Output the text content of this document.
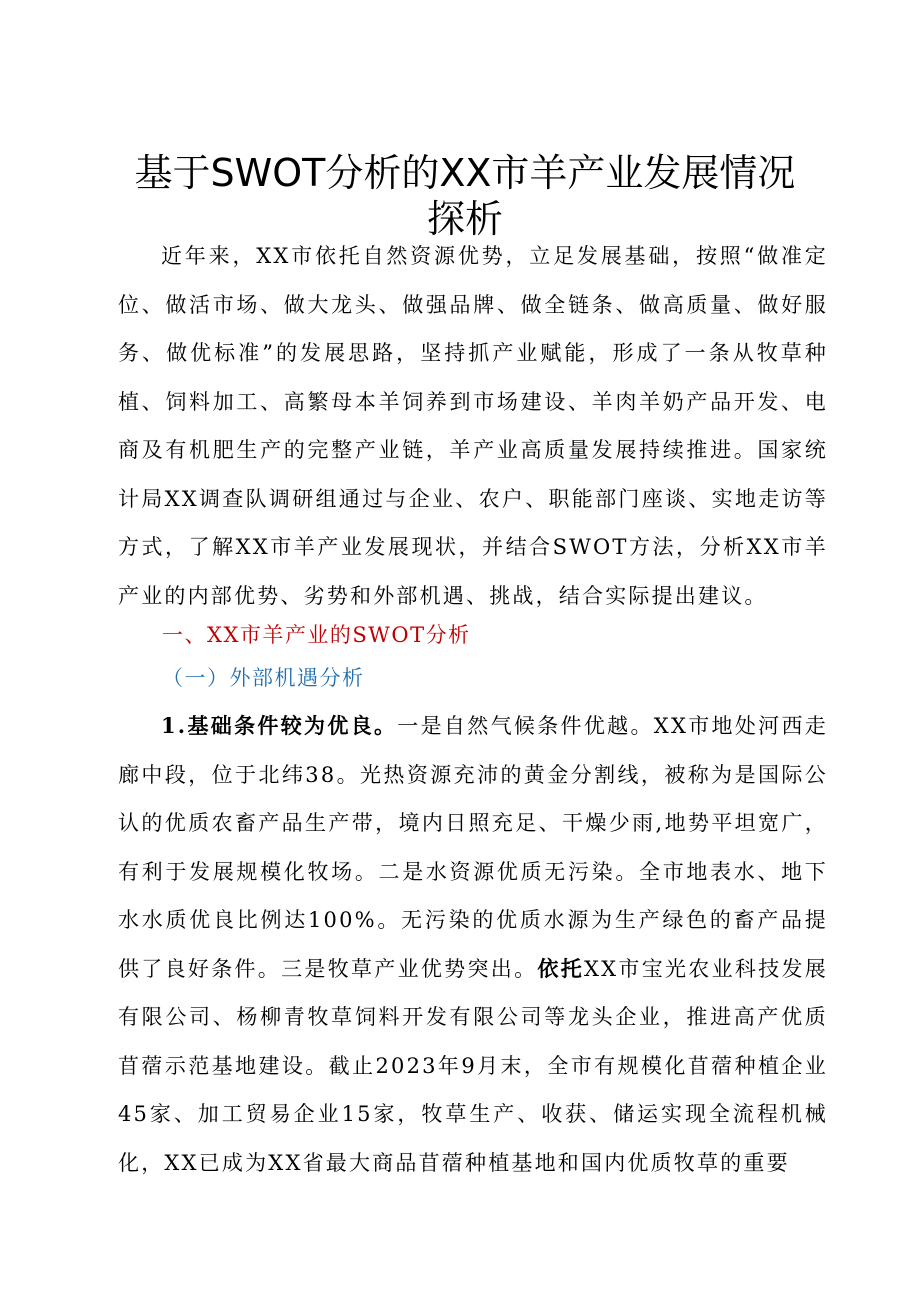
基于SWOT分析的XX市羊产业发展情况探析

近年来，XX市依托自然资源优势，立足发展基础，按照“做准定位、做活市场、做大龙头、做强品牌、做全链条、做高质量、做好服务、做优标准”的发展思路，坚持抓产业赋能，形成了一条从牧草种植、饲料加工、高繁母本羊饲养到市场建设、羊肉羊奶产品开发、电商及有机肥生产的完整产业链，羊产业高质量发展持续推进。国家统计局XX调查队调研组通过与企业、农户、职能部门座谈、实地走访等方式，了解XX市羊产业发展现状，并结合SWOT方法，分析XX市羊产业的内部优势、劣势和外部机遇、挑战，结合实际提出建议。

一、XX市羊产业的SWOT分析
（一）外部机遇分析

1.基础条件较为优良。一是自然气候条件优越。XX市地处河西走廊中段，位于北纬38。光热资源充沛的黄金分割线，被称为是国际公认的优质农畜产品生产带，境内日照充足、干燥少雨,地势平坦宽广，有利于发展规模化牧场。二是水资源优质无污染。全市地表水、地下水水质优良比例达100%。无污染的优质水源为生产绿色的畜产品提供了良好条件。三是牧草产业优势突出。依托XX市宝光农业科技发展有限公司、杨柳青牧草饲料开发有限公司等龙头企业，推进高产优质苜蓿示范基地建设。截止2023年9月末，全市有规模化苜蓿种植企业45家、加工贸易企业15家，牧草生产、收获、储运实现全流程机械化，XX已成为XX省最大商品苜蓿种植基地和国内优质牧草的重要
